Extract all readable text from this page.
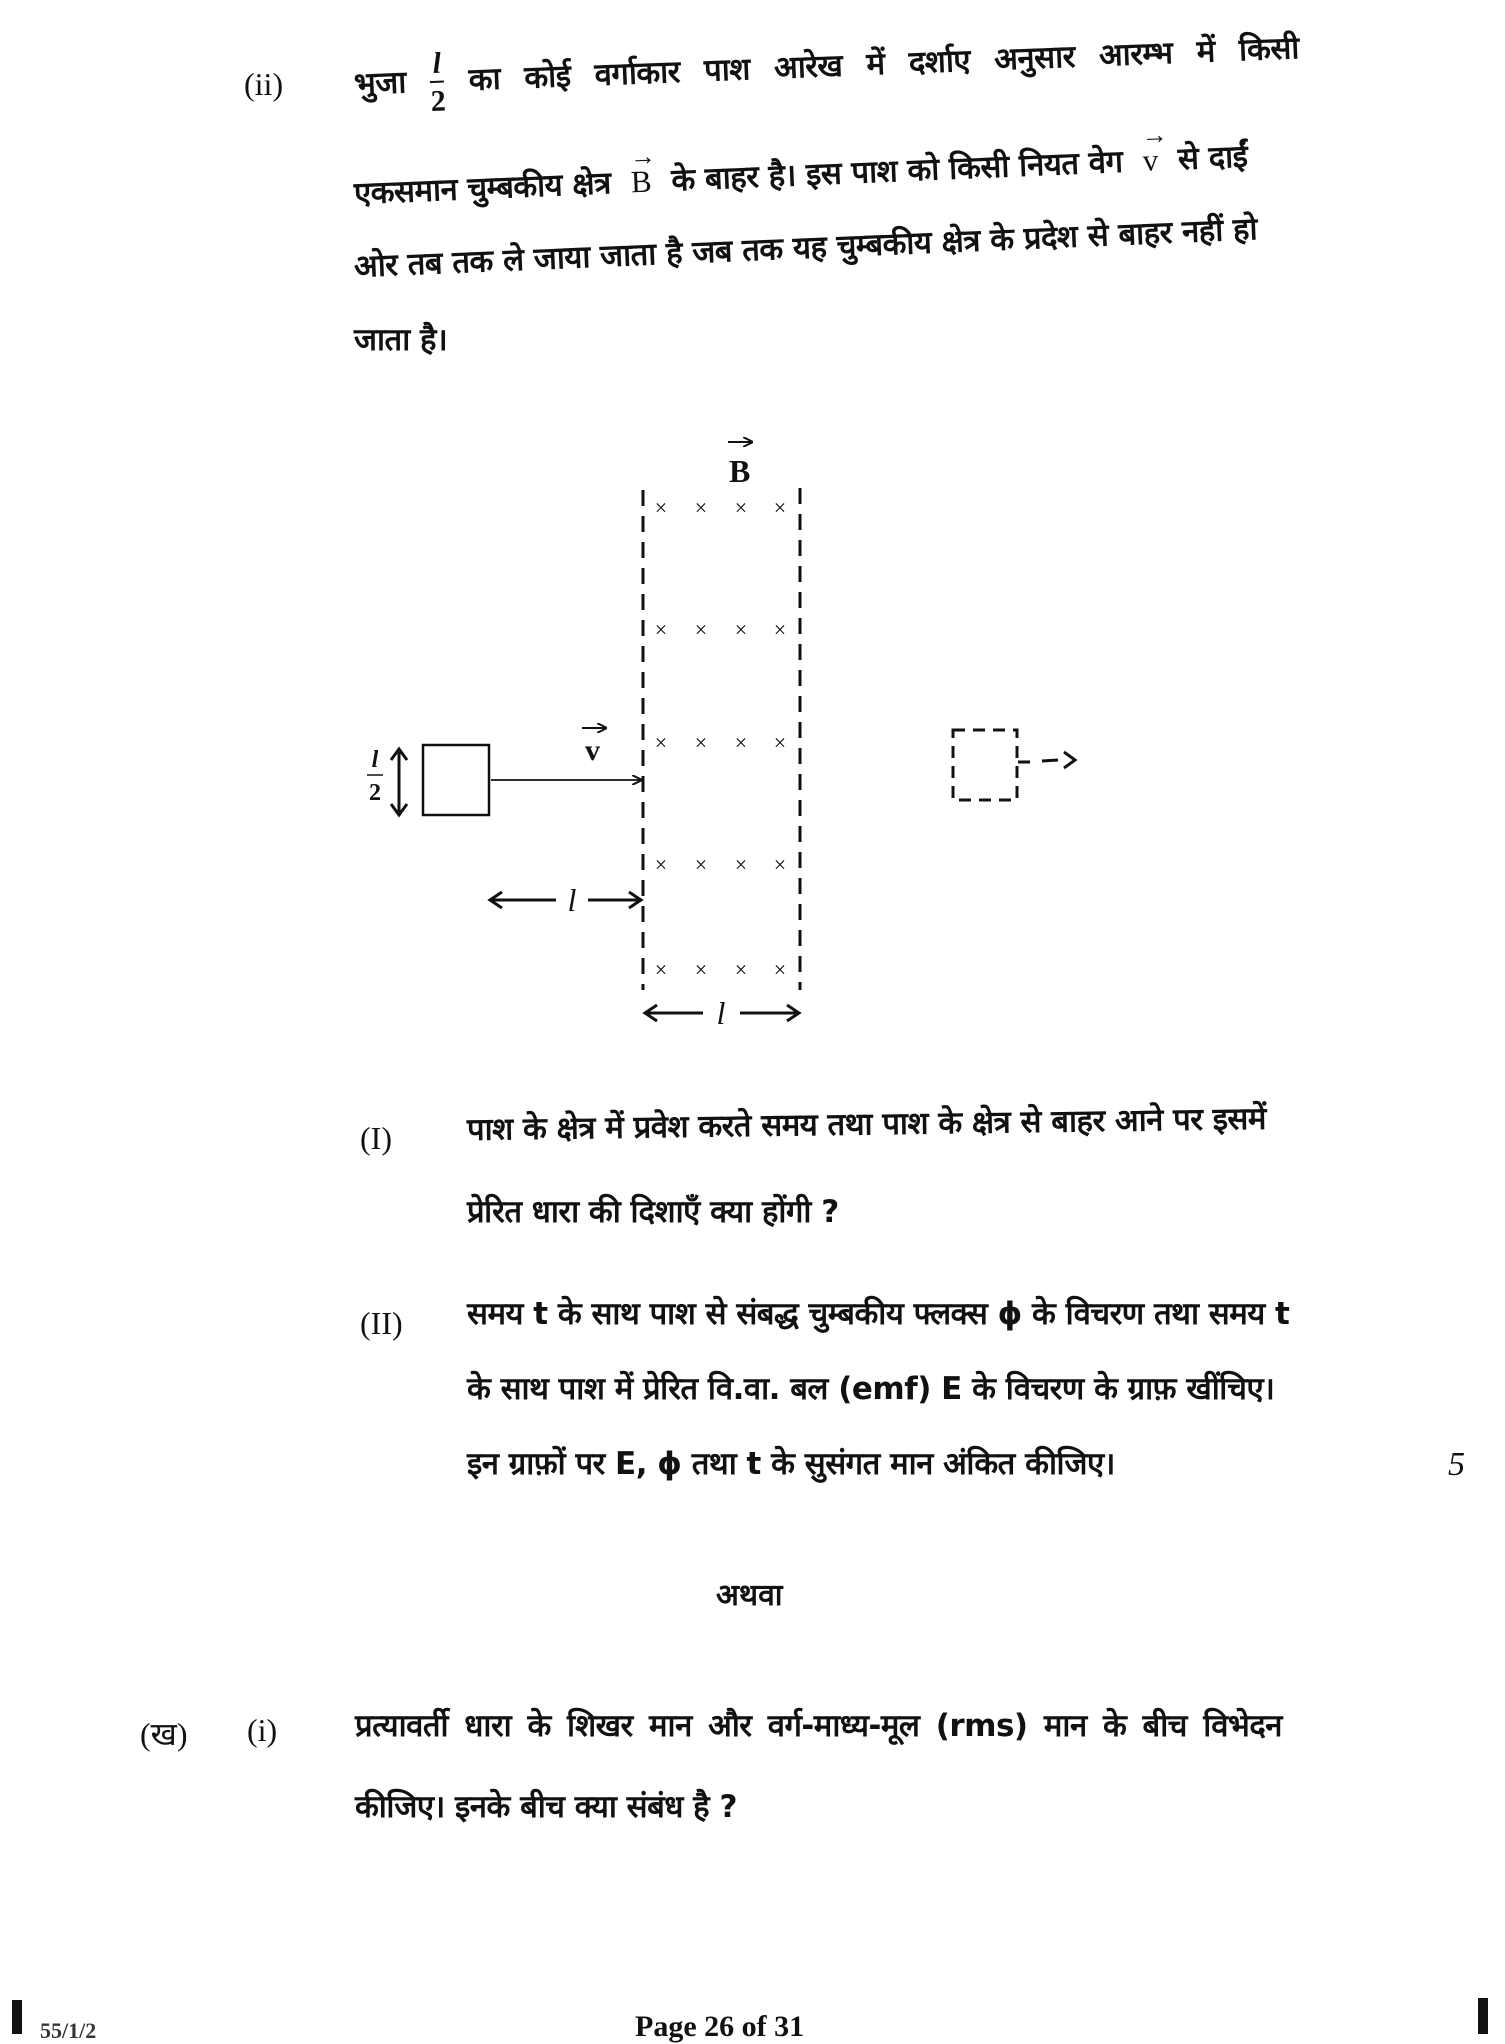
(ii) भुजा $\frac{l}{2}$ का कोई वर्गाकार पाश आरेख में दर्शाए अनुसार आरम्भ में किसी
एकसमान चुम्बकीय क्षेत्र → B के बाहर है। इस पाश को किसी नियत वेग → v से दाईं
ओर तब तक ले जाया जाता है जब तक यह चुम्बकीय क्षेत्र के प्रदेश से बाहर नहीं हो
जाता है।
B
× × × ×
× × × ×
× × × ×
× × × ×
× × × ×
l
2
v
l
l
(I) पाश के क्षेत्र में प्रवेश करते समय तथा पाश के क्षेत्र से बाहर आने पर इसमें
प्रेरित धारा की दिशाएँ क्या होंगी ?
(II) समय t के साथ पाश से संबद्ध चुम्बकीय फ्लक्स ϕ के विचरण तथा समय t
के साथ पाश में प्रेरित वि.वा. बल (emf) E के विचरण के ग्राफ़ खींचिए।
इन ग्राफ़ों पर E, ϕ तथा t के सुसंगत मान अंकित कीजिए।	5
अथवा
(ख) (i)	प्रत्यावर्ती धारा के शिखर मान और वर्ग-माध्य-मूल (rms) मान के बीच विभेदन
कीजिए। इनके बीच क्या संबंध है ?
55/1/2	Page 26 of 31
